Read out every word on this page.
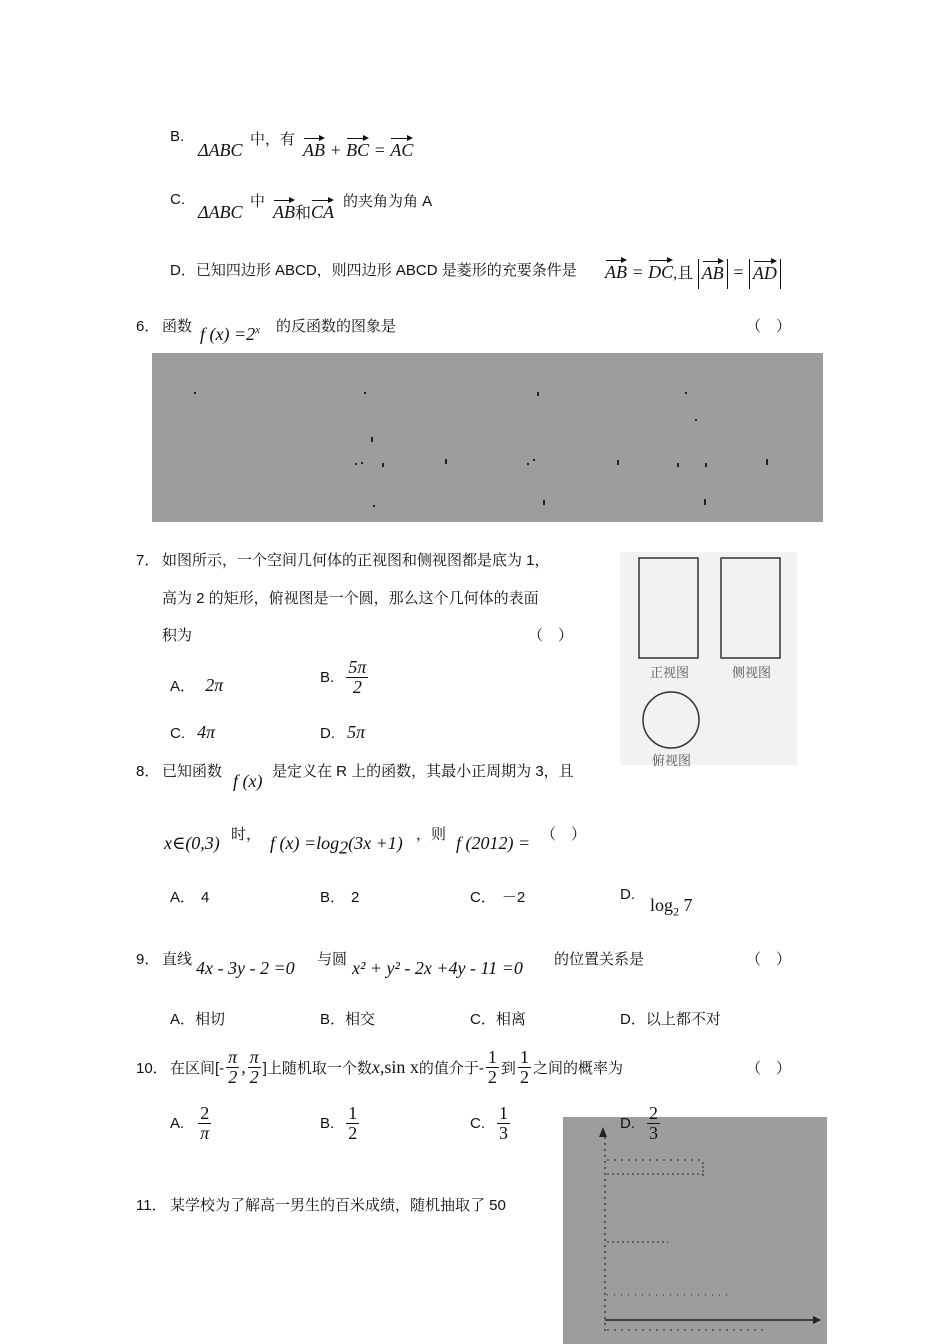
B.
ΔABC
中，有
AB + BC = AC
C.
ΔABC
中
AB和CA
的夹角为角 A
D．已知四边形 ABCD，则四边形 ABCD 是菱形的充要条件是 AB = DC,且 AB = AD
6． 函数 f $(x) =2^x$ 的反函数的图象是	（　）
7． 如图所示，一个空间几何体的正视图和侧视图都是底为 1，
高为 2 的矩形，俯视图是一个圆，那么这个几何体的表面
积为	（　）
A． 2π	B. $\frac{5\pi}{2}$
C. 4π	D. 5π
正视图	侧视图
俯视图
8． 已知函数 f (x) 是定义在 R 上的函数，其最小正周期为 3，且
x∈(0,3) 时， f $(x) =\log_2(3x +1)$ ，则 f (2012) = （　）
A． 4	B． 2	C． －2	D.
$\log_2 7$
9． 直线 4x - 3y - 2 =0 与圆 x² + y² - 2x +4y - 11 =0 的位置关系是	（　）
A．相切	B．相交	C．相离	D．以上都不对
10． 在区间[- $\frac{\pi}{2}$ , $\frac{\pi}{2}$ ]上随机取一个数 x, sin x 的值介于- $\frac{1}{2}$ 到 $\frac{1}{2}$ 之间的概率为	（　）
A. $\frac{2}{\pi}$	B. $\frac{1}{2}$	C. $\frac{1}{3}$	D. $\frac{2}{3}$
11． 某学校为了解高一男生的百米成绩，随机抽取了 50
